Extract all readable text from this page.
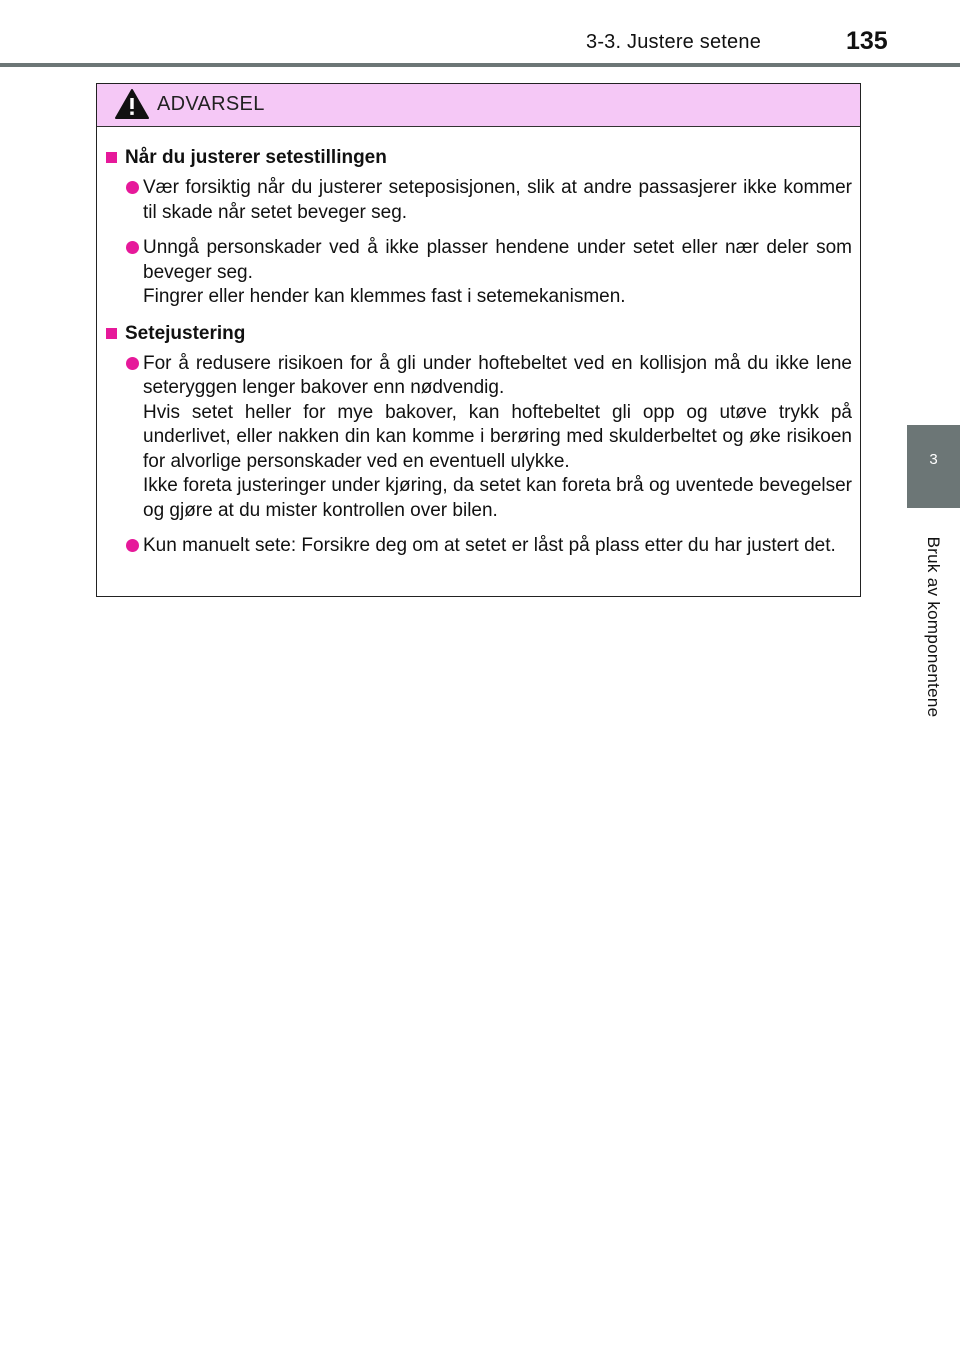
3-3. Justere setene	135
3
Bruk av komponentene
ADVARSEL
Når du justerer setestillingen

Vær forsiktig når du justerer seteposisjonen, slik at andre passasjerer ikke kommer til skade når setet beveger seg.

Unngå personskader ved å ikke plasser hendene under setet eller nær deler som beveger seg.

Fingrer eller hender kan klemmes fast i setemekanismen.

Setejustering

For å redusere risikoen for å gli under hoftebeltet ved en kollisjon må du ikke lene seteryggen lenger bakover enn nødvendig.

Hvis setet heller for mye bakover, kan hoftebeltet gli opp og utøve trykk på underlivet, eller nakken din kan komme i berøring med skulderbeltet og øke risikoen for alvorlige personskader ved en eventuell ulykke.

Ikke foreta justeringer under kjøring, da setet kan foreta brå og uventede bevegelser og gjøre at du mister kontrollen over bilen.

Kun manuelt sete: Forsikre deg om at setet er låst på plass etter du har justert det.
